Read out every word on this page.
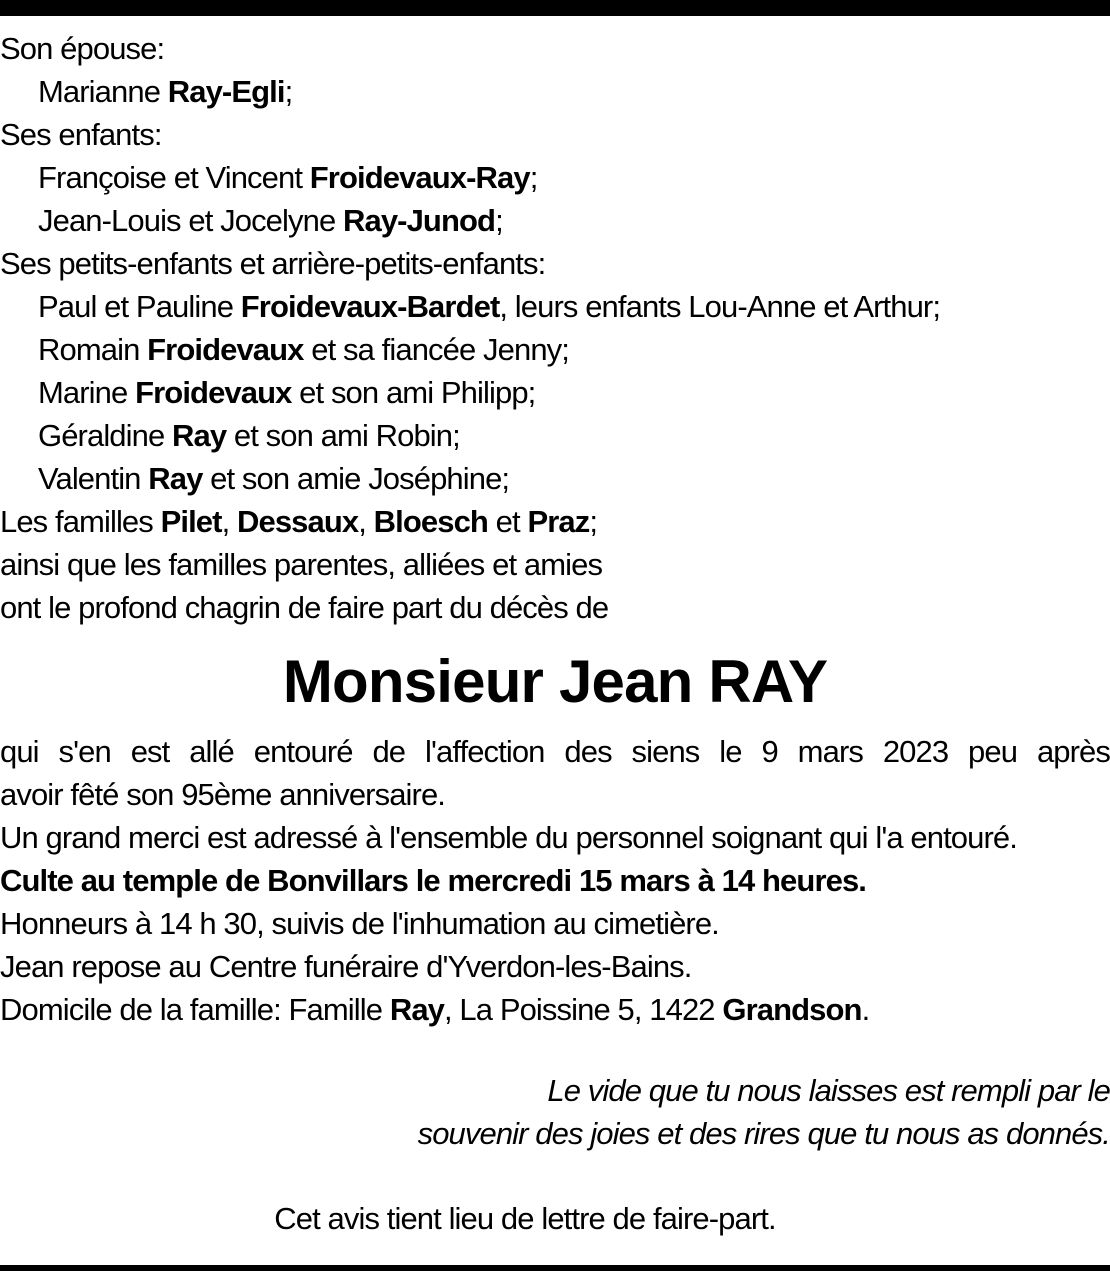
Son épouse:
Marianne Ray-Egli;
Ses enfants:
Françoise et Vincent Froidevaux-Ray;
Jean-Louis et Jocelyne Ray-Junod;
Ses petits-enfants et arrière-petits-enfants:
Paul et Pauline Froidevaux-Bardet, leurs enfants Lou-Anne et Arthur;
Romain Froidevaux et sa fiancée Jenny;
Marine Froidevaux et son ami Philipp;
Géraldine Ray et son ami Robin;
Valentin Ray et son amie Joséphine;
Les familles Pilet, Dessaux, Bloesch et Praz;
ainsi que les familles parentes, alliées et amies
ont le profond chagrin de faire part du décès de
Monsieur Jean RAY
qui s'en est allé entouré de l'affection des siens le 9 mars 2023 peu après
avoir fêté son 95ème anniversaire.
Un grand merci est adressé à l'ensemble du personnel soignant qui l'a entouré.
Culte au temple de Bonvillars le mercredi 15 mars à 14 heures.
Honneurs à 14 h 30, suivis de l'inhumation au cimetière.
Jean repose au Centre funéraire d'Yverdon-les-Bains.
Domicile de la famille: Famille Ray, La Poissine 5, 1422 Grandson.
Le vide que tu nous laisses est rempli par le
souvenir des joies et des rires que tu nous as donnés.
Cet avis tient lieu de lettre de faire-part.
